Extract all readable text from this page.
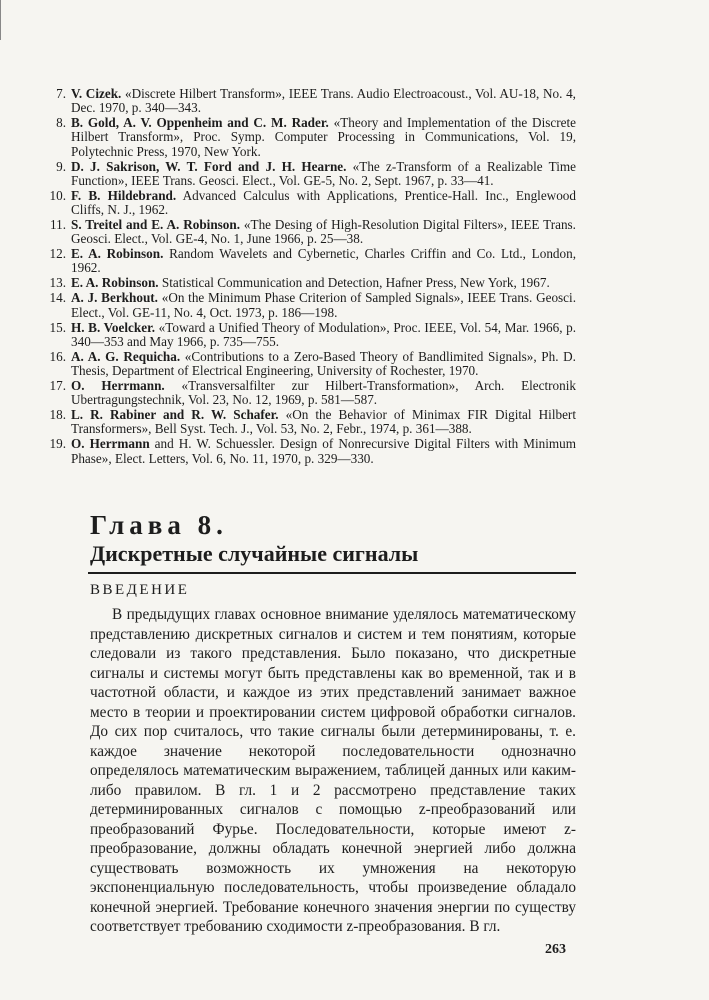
7. V. Cizek. «Discrete Hilbert Transform», IEEE Trans. Audio Electroacoust., Vol. AU-18, No. 4, Dec. 1970, p. 340—343.
8. B. Gold, A. V. Oppenheim and C. M. Rader. «Theory and Implementation of the Discrete Hilbert Transform», Proc. Symp. Computer Processing in Communications, Vol. 19, Polytechnic Press, 1970, New York.
9. D. J. Sakrison, W. T. Ford and J. H. Hearne. «The z-Transform of a Realizable Time Function», IEEE Trans. Geosci. Elect., Vol. GE-5, No. 2, Sept. 1967, p. 33—41.
10. F. B. Hildebrand. Advanced Calculus with Applications, Prentice-Hall. Inc., Englewood Cliffs, N. J., 1962.
11. S. Treitel and E. A. Robinson. «The Desing of High-Resolution Digital Filters», IEEE Trans. Geosci. Elect., Vol. GE-4, No. 1, June 1966, p. 25—38.
12. E. A. Robinson. Random Wavelets and Cybernetic, Charles Criffin and Co. Ltd., London, 1962.
13. E. A. Robinson. Statistical Communication and Detection, Hafner Press, New York, 1967.
14. A. J. Berkhout. «On the Minimum Phase Criterion of Sampled Signals», IEEE Trans. Geosci. Elect., Vol. GE-11, No. 4, Oct. 1973, p. 186—198.
15. H. B. Voelcker. «Toward a Unified Theory of Modulation», Proc. IEEE, Vol. 54, Mar. 1966, p. 340—353 and May 1966, p. 735—755.
16. A. A. G. Requicha. «Contributions to a Zero-Based Theory of Bandlimited Signals», Ph. D. Thesis, Department of Electrical Engineering, University of Rochester, 1970.
17. O. Herrmann. «Transversalfilter zur Hilbert-Transformation», Arch. Electronik Ubertragungstechnik, Vol. 23, No. 12, 1969, p. 581—587.
18. L. R. Rabiner and R. W. Schafer. «On the Behavior of Minimax FIR Digital Hilbert Transformers», Bell Syst. Tech. J., Vol. 53, No. 2, Febr., 1974, p. 361—388.
19. O. Herrmann and H. W. Schuessler. Design of Nonrecursive Digital Filters with Minimum Phase», Elect. Letters, Vol. 6, No. 11, 1970, p. 329—330.
Глава 8.
Дискретные случайные сигналы
ВВЕДЕНИЕ
В предыдущих главах основное внимание уделялось математическому представлению дискретных сигналов и систем и тем понятиям, которые следовали из такого представления. Было показано, что дискретные сигналы и системы могут быть представлены как во временной, так и в частотной области, и каждое из этих представлений занимает важное место в теории и проектировании систем цифровой обработки сигналов. До сих пор считалось, что такие сигналы были детерминированы, т. е. каждое значение некоторой последовательности однозначно определялось математическим выражением, таблицей данных или каким-либо правилом. В гл. 1 и 2 рассмотрено представление таких детерминированных сигналов с помощью z-преобразований или преобразований Фурье. Последовательности, которые имеют z-преобразование, должны обладать конечной энергией либо должна существовать возможность их умножения на некоторую экспоненциальную последовательность, чтобы произведение обладало конечной энергией. Требование конечного значения энергии по существу соответствует требованию сходимости z-преобразования. В гл.
263
